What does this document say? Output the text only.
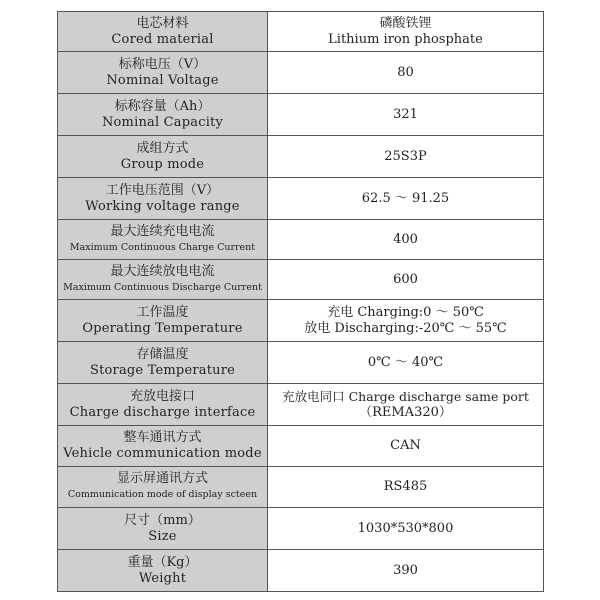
电芯材料
Cored material	磷酸铁锂
Lithium iron phosphate

标称电压（V）
Nominal Voltage	80

标称容量（Ah）
Nominal Capacity	321

成组方式
Group mode	25S3P

工作电压范围（V）
Working voltage range	62.5 ～ 91.25

最大连续充电电流
Maximum Continuous Charge Current	400

最大连续放电电流
Maximum Continuous Discharge Current	600

工作温度
Operating Temperature	充电 Charging:0 ～ 50℃
放电 Discharging:-20℃ ～ 55℃

存储温度
Storage Temperature	0℃ ～ 40℃

充放电接口
Charge discharge interface	充放电同口 Charge discharge same port
（REMA320）

整车通讯方式
Vehicle communication mode	CAN

显示屏通讯方式
Communication mode of display scteen	RS485

尺寸（mm）
Size	1030*530*800

重量（Kg）
Weight	390
